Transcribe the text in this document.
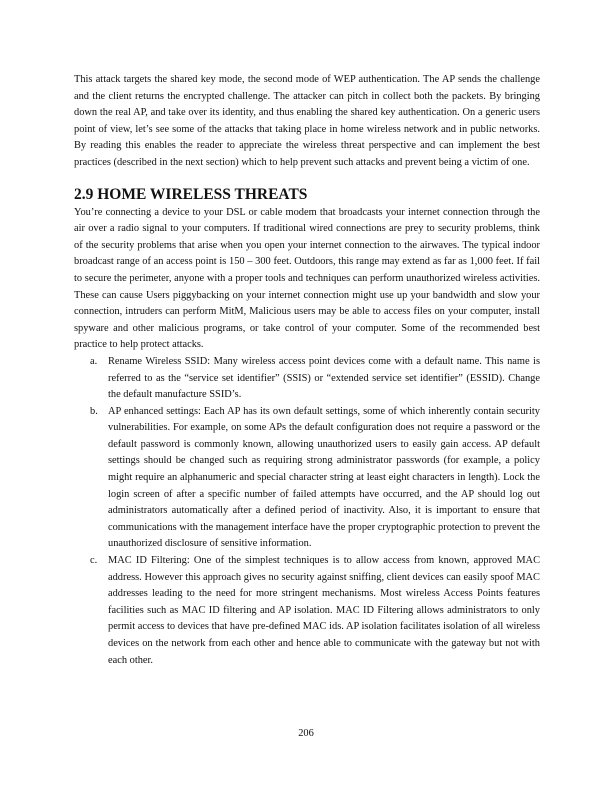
This attack targets the shared key mode, the second mode of WEP authentication. The AP sends the challenge and the client returns the encrypted challenge. The attacker can pitch in collect both the packets. By bringing down the real AP, and take over its identity, and thus enabling the shared key authentication. On a generic users point of view, let’s see some of the attacks that taking place in home wireless network and in public networks. By reading this enables the reader to appreciate the wireless threat perspective and can implement the best practices (described in the next section) which to help prevent such attacks and prevent being a victim of one.

2.9 HOME WIRELESS THREATS

You’re connecting a device to your DSL or cable modem that broadcasts your internet connection through the air over a radio signal to your computers. If traditional wired connections are prey to security problems, think of the security problems that arise when you open your internet connection to the airwaves. The typical indoor broadcast range of an access point is 150 – 300 feet. Outdoors, this range may extend as far as 1,000 feet. If fail to secure the perimeter, anyone with a proper tools and techniques can perform unauthorized wireless activities. These can cause Users piggybacking on your internet connection might use up your bandwidth and slow your connection, intruders can perform MitM, Malicious users may be able to access files on your computer, install spyware and other malicious programs, or take control of your computer. Some of the recommended best practice to help protect attacks.

a. Rename Wireless SSID: Many wireless access point devices come with a default name. This name is referred to as the “service set identifier” (SSIS) or “extended service set identifier” (ESSID). Change the default manufacture SSID’s.
b. AP enhanced settings: Each AP has its own default settings, some of which inherently contain security vulnerabilities. For example, on some APs the default configuration does not require a password or the default password is commonly known, allowing unauthorized users to easily gain access. AP default settings should be changed such as requiring strong administrator passwords (for example, a policy might require an alphanumeric and special character string at least eight characters in length). Lock the login screen of after a specific number of failed attempts have occurred, and the AP should log out administrators automatically after a defined period of inactivity. Also, it is important to ensure that communications with the management interface have the proper cryptographic protection to prevent the unauthorized disclosure of sensitive information.
c. MAC ID Filtering: One of the simplest techniques is to allow access from known, approved MAC address. However this approach gives no security against sniffing, client devices can easily spoof MAC addresses leading to the need for more stringent mechanisms. Most wireless Access Points features facilities such as MAC ID filtering and AP isolation. MAC ID Filtering allows administrators to only permit access to devices that have pre-defined MAC ids. AP isolation facilitates isolation of all wireless devices on the network from each other and hence able to communicate with the gateway but not with each other.
206
